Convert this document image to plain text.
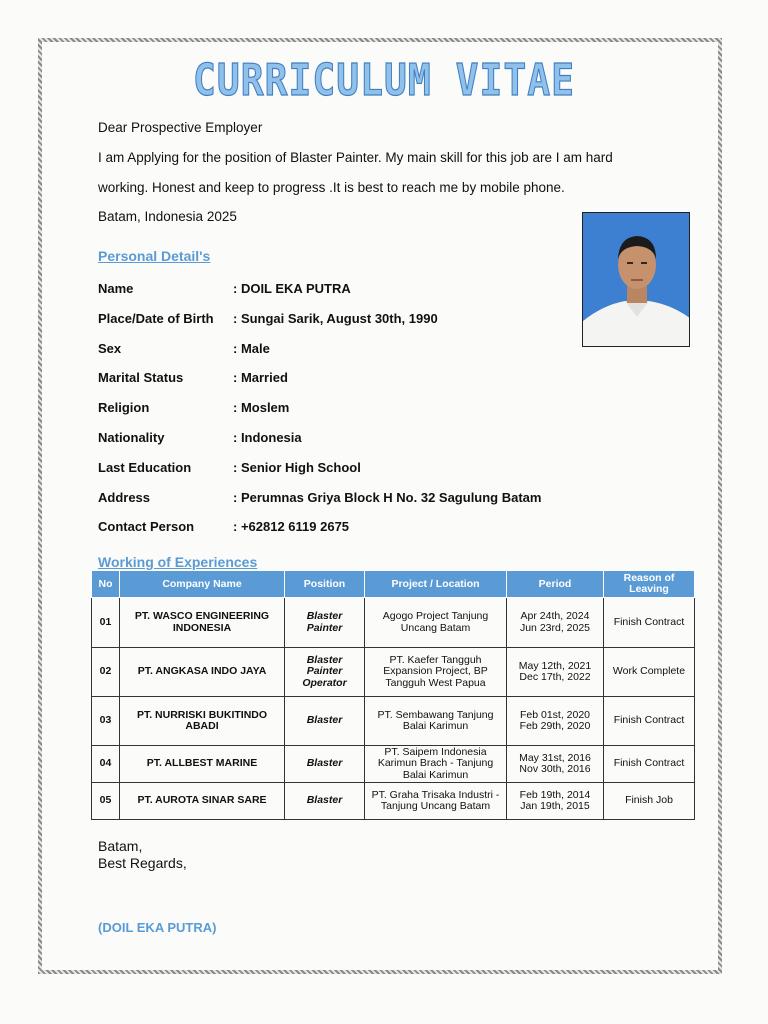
CURRICULUM VITAE
Dear Prospective Employer
I am Applying for the position of Blaster Painter. My main skill for this job are I am hard
working. Honest and keep to progress .It is best to reach me by mobile phone.
Batam, Indonesia 2025
Personal Detail's
Name	: DOIL EKA PUTRA
Place/Date of Birth : Sungai Sarik, August 30th, 1990
Sex	: Male
Marital Status	: Married
Religion	: Moslem
Nationality	: Indonesia
Last Education	: Senior High School
Address	: Perumnas Griya Block H No. 32 Sagulung Batam
Contact Person	: +62812 6119 2675
Working of Experiences
No	Company Name	Position	Project / Location	Period	Reason of Leaving
01	PT. WASCO ENGINEERING INDONESIA	Blaster Painter	Agogo Project Tanjung Uncang Batam	Apr 24th, 2024
Jun 23rd, 2025	Finish Contract
02	PT. ANGKASA INDO JAYA	Blaster Painter Operator	PT. Kaefer Tangguh Expansion Project, BP Tangguh West Papua	May 12th, 2021
Dec 17th, 2022	Work Complete
03	PT. NURRISKI BUKITINDO ABADI	Blaster	PT. Sembawang Tanjung Balai Karimun	Feb 01st, 2020
Feb 29th, 2020	Finish Contract
04	PT. ALLBEST MARINE	Blaster	PT. Saipem Indonesia Karimun Brach - Tanjung Balai Karimun	May 31st, 2016
Nov 30th, 2016	Finish Contract
05	PT. AUROTA SINAR SARE	Blaster	PT. Graha Trisaka Industri - Tanjung Uncang Batam	Feb 19th, 2014
Jan 19th, 2015	Finish Job
Batam,
Best Regards,
(DOIL EKA PUTRA)
